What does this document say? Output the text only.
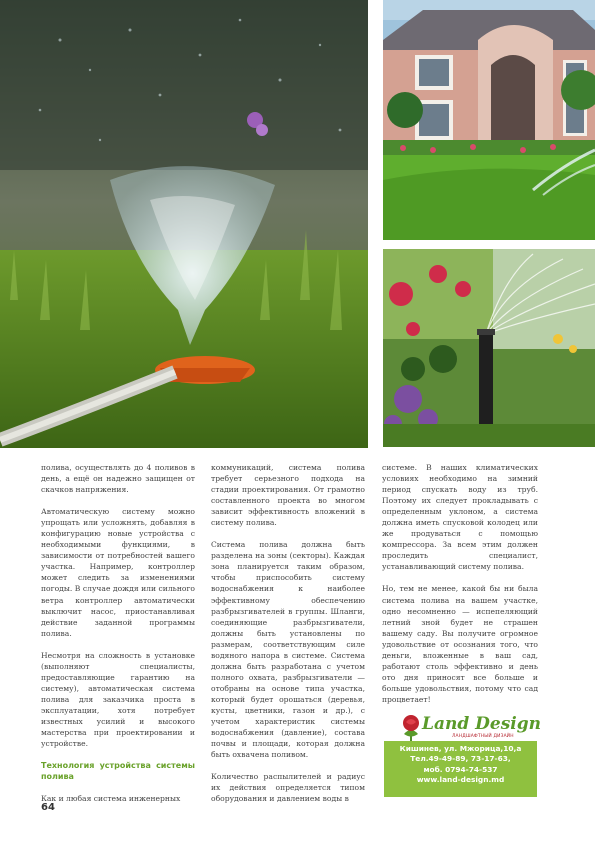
полива, осуществлять до 4 поливов в день, а ещё он надежно защищен от скачков напряжения.

Автоматическую систему можно упрощать или усложнять, добавляя в конфигурацию новые устройства с необходимыми функциями, в зависимости от потребностей вашего участка. Например, контроллер может следить за изменениями погоды. В случае дождя или сильного ветра контроллер автоматически выключит насос, приостанавливая действие заданной программы полива.

Несмотря на сложность в установке (выполняют специалисты, предоставляющие гарантию на систему), автоматическая система полива для заказчика проста в эксплуатации, хотя потребует известных усилий и высокого мастерства при проектировании и устройстве.

Технология устройства системы полива

Как и любая система инженерных

коммуникаций, система полива требует серьезного подхода на стадии проектирования. От грамотно составленного проекта во многом зависит эффективность вложений в систему полива.

Система полива должна быть разделена на зоны (секторы). Каждая зона планируется таким образом, чтобы приспособить систему водоснабжения к наиболее эффективному обеспечению разбрызгивателей в группы. Шланги, соединяющие разбрызгиватели, должны быть установлены по размерам, соответствующим силе водяного напора в системе. Система должна быть разработана с учетом полного охвата, разбрызгиватели — отобраны на основе типа участка, который будет орошаться (деревья, кусты, цветники, газон и др.), с учетом характеристик системы водоснабжения (давление), состава почвы и площади, которая должна быть охвачена поливом.

Количество распылителей и радиус их действия определяется типом оборудования и давлением воды в

системе. В наших климатических условиях необходимо на зимний период спускать воду из труб. Поэтому их следует прокладывать с определенным уклоном, а система должна иметь спусковой колодец или же продуваться с помощью компрессора. За всем этим должен проследить специалист, устанавливающий систему полива.

Но, тем не менее, какой бы ни была система полива на вашем участке, одно несомненно — испепеляющий летний зной будет не страшен вашему саду. Вы получите огромное удовольствие от осознания того, что деньги, вложенные в ваш сад, работают столь эффективно и день ото дня приносят все больше и больше удовольствия, потому что сад процветает!

Land Design
ЛАНДШАФТНЫЙ ДИЗАЙН
Кишинев, ул. Мжорица,10,а
Тел.49-49-89, 73-17-63,
моб. 0794-74-537
www.land-design.md
64
